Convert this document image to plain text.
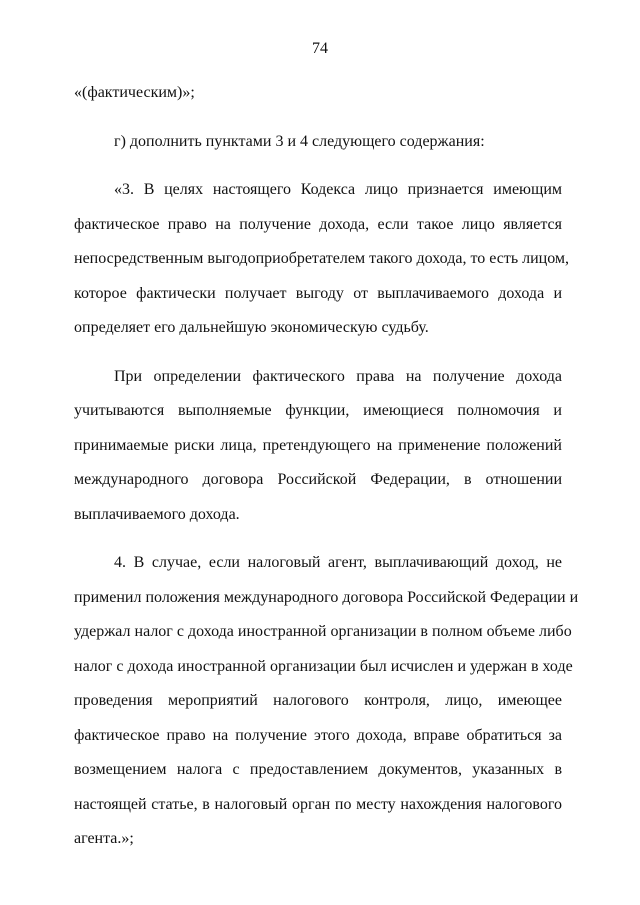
74
«(фактическим)»;
г) дополнить пунктами 3 и 4 следующего содержания:
«3. В целях настоящего Кодекса лицо признается имеющим
фактическое право на получение дохода, если такое лицо является
непосредственным выгодоприобретателем такого дохода, то есть лицом,
которое фактически получает выгоду от выплачиваемого дохода и
определяет его дальнейшую экономическую судьбу.
При определении фактического права на получение дохода
учитываются выполняемые функции, имеющиеся полномочия и
принимаемые риски лица, претендующего на применение положений
международного договора Российской Федерации, в отношении
выплачиваемого дохода.
4. В случае, если налоговый агент, выплачивающий доход, не
применил положения международного договора Российской Федерации и
удержал налог с дохода иностранной организации в полном объеме либо
налог с дохода иностранной организации был исчислен и удержан в ходе
проведения мероприятий налогового контроля, лицо, имеющее
фактическое право на получение этого дохода, вправе обратиться за
возмещением налога с предоставлением документов, указанных в
настоящей статье, в налоговый орган по месту нахождения налогового
агента.»;
